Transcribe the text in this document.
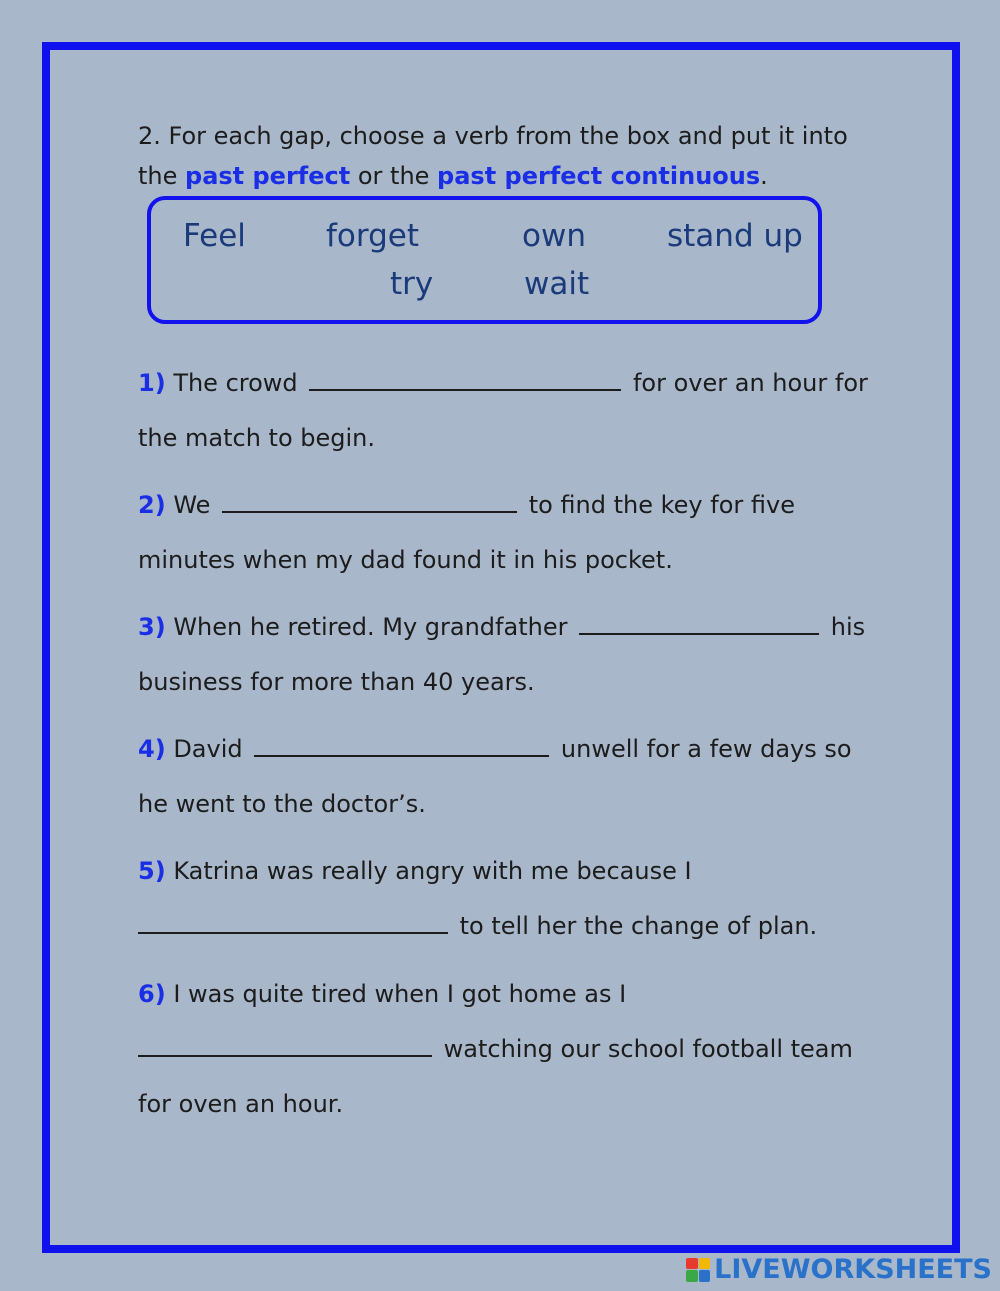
2. For each gap, choose a verb from the box and put it into the past perfect or the past perfect continuous.
Feel	forget	own	stand up
try	wait
1) The crowd	for over an hour for the match to begin.
2) We	to find the key for five minutes when my dad found it in his pocket.
3) When he retired. My grandfather	his business for more than 40 years.
4) David	unwell for a few days so he went to the doctor’s.
5) Katrina was really angry with me because I
to tell her the change of plan.
6) I was quite tired when I got home as I
watching our school football team for oven an hour.
LIVEWORKSHEETS
